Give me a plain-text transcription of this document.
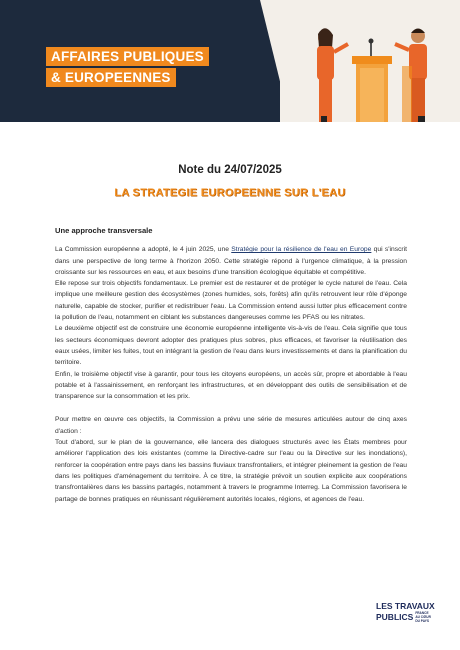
AFFAIRES PUBLIQUES
& EUROPEENNES
Note du 24/07/2025
LA STRATEGIE EUROPEENNE SUR L'EAU
Une approche transversale

La Commission européenne a adopté, le 4 juin 2025, une Stratégie pour la résilience de l'eau en Europe qui s'inscrit dans une perspective de long terme à l'horizon 2050. Cette stratégie répond à l'urgence climatique, à la pression croissante sur les ressources en eau, et aux besoins d'une transition écologique équitable et compétitive.

Elle repose sur trois objectifs fondamentaux. Le premier est de restaurer et de protéger le cycle naturel de l'eau. Cela implique une meilleure gestion des écosystèmes (zones humides, sols, forêts) afin qu'ils retrouvent leur rôle d'éponge naturelle, capable de stocker, purifier et redistribuer l'eau. La Commission entend aussi lutter plus efficacement contre la pollution de l'eau, notamment en ciblant les substances dangereuses comme les PFAS ou les nitrates.

Le deuxième objectif est de construire une économie européenne intelligente vis-à-vis de l'eau. Cela signifie que tous les secteurs économiques devront adopter des pratiques plus sobres, plus efficaces, et favoriser la réutilisation des eaux usées, limiter les fuites, tout en intégrant la gestion de l'eau dans leurs investissements et dans la planification du territoire.

Enfin, le troisième objectif vise à garantir, pour tous les citoyens européens, un accès sûr, propre et abordable à l'eau potable et à l'assainissement, en renforçant les infrastructures, et en développant des outils de sensibilisation et de transparence sur la consommation et les prix.

Pour mettre en œuvre ces objectifs, la Commission a prévu une série de mesures articulées autour de cinq axes d'action :

Tout d'abord, sur le plan de la gouvernance, elle lancera des dialogues structurés avec les États membres pour améliorer l'application des lois existantes (comme la Directive-cadre sur l'eau ou la Directive sur les inondations), renforcer la coopération entre pays dans les bassins fluviaux transfrontaliers, et intégrer pleinement la gestion de l'eau dans les politiques d'aménagement du territoire. À ce titre, la stratégie prévoit un soutien explicite aux coopérations transfrontalières dans les bassins partagés, notamment à travers le programme Interreg. La Commission favorisera le partage de bonnes pratiques en réunissant régulièrement autorités locales, régions, et agences de l'eau.

LES TRAVAUX
PUBLICS FRANCE
AU CŒUR
DU PAYS
